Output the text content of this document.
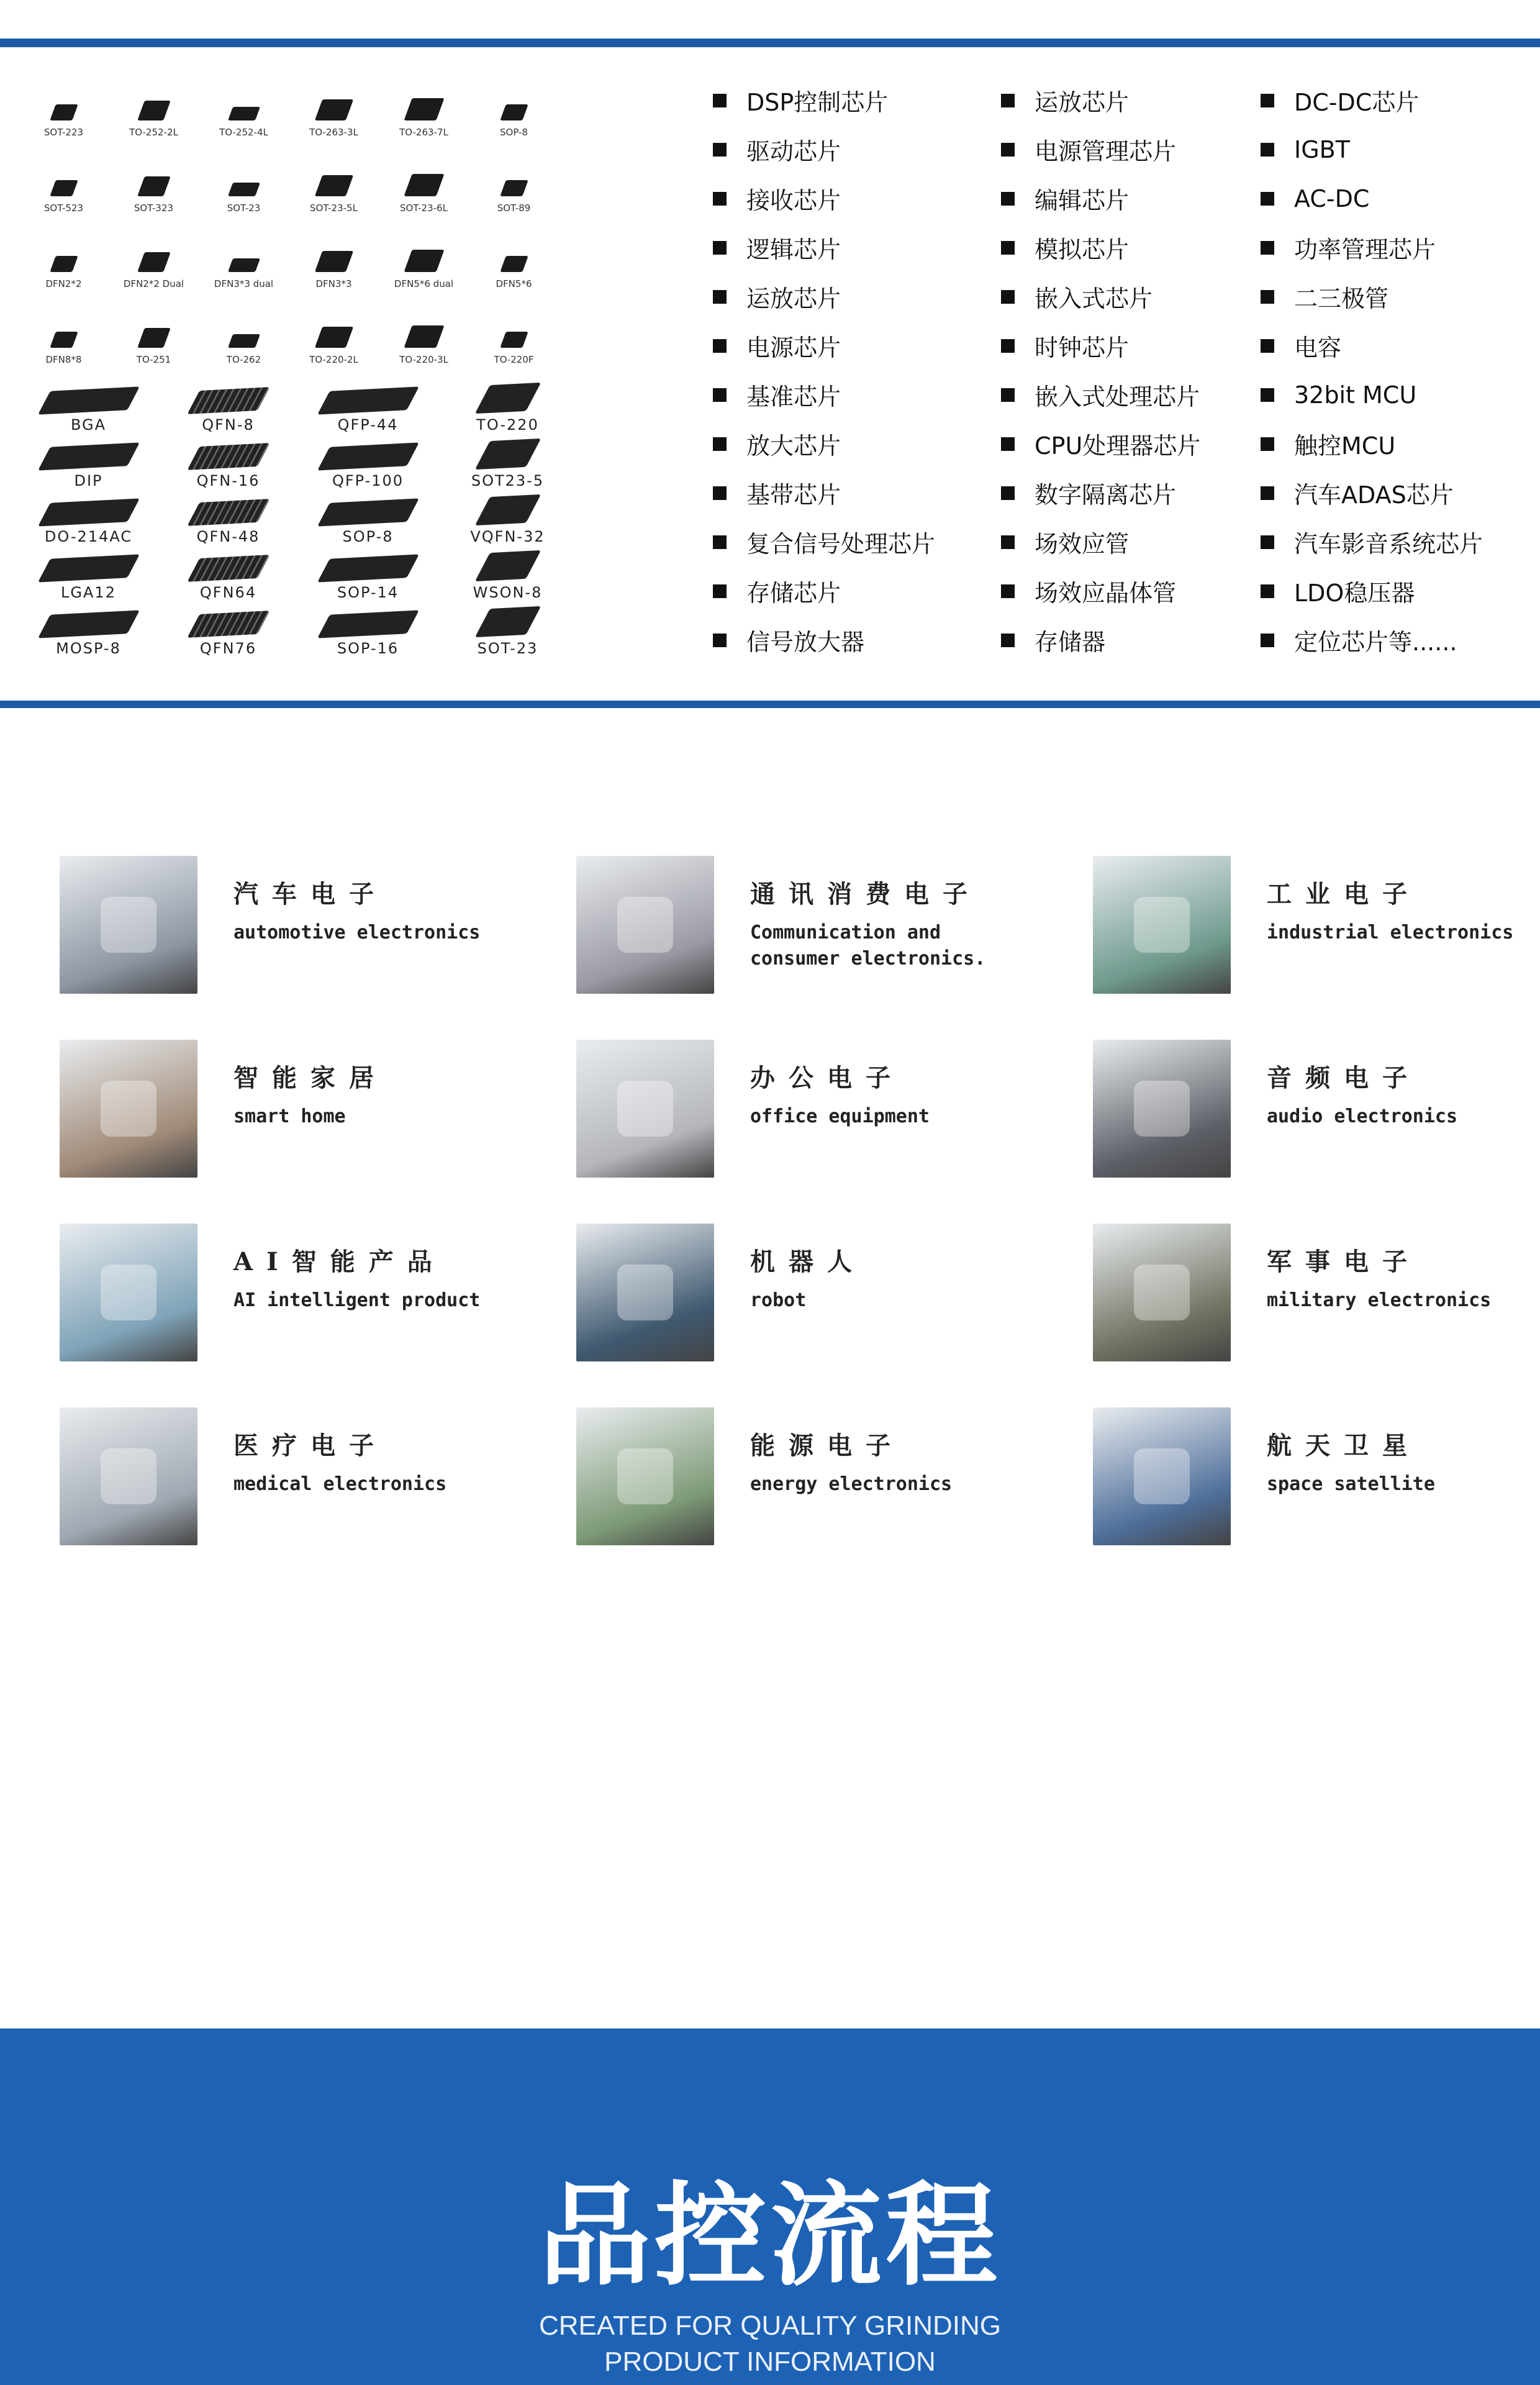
SOT-223	TO-252-2L	TO-252-4L	TO-263-3L	TO-263-7L	SOP-8
SOT-523	SOT-323	SOT-23	SOT-23-5L	SOT-23-6L	SOT-89
DFN2*2	DFN2*2 Dual	DFN3*3 dual	DFN3*3	DFN5*6 dual	DFN5*6
DFN8*8	TO-251	TO-262	TO-220-2L	TO-220-3L	TO-220F
BGA	QFN-8	QFP-44	TO-220
DIP	QFN-16	QFP-100	SOT23-5
DO-214AC	QFN-48	SOP-8	VQFN-32
LGA12	QFN64	SOP-14	WSON-8
MOSP-8	QFN76	SOP-16	SOT-23
DSP控制芯片
驱动芯片
接收芯片
逻辑芯片
运放芯片
电源芯片
基准芯片
放大芯片
基带芯片
复合信号处理芯片
存储芯片
信号放大器
运放芯片
电源管理芯片
编辑芯片
模拟芯片
嵌入式芯片
时钟芯片
嵌入式处理芯片
CPU处理器芯片
数字隔离芯片
场效应管
场效应晶体管
存储器
DC-DC芯片
IGBT
AC-DC
功率管理芯片
二三极管
电容
32bit MCU
触控MCU
汽车ADAS芯片
汽车影音系统芯片
LDO稳压器
定位芯片等......
汽车电子
automotive electronics
通讯消费电子
Communication and consumer electronics.
工业电子
industrial electronics
智能家居
smart home
办公电子
office equipment
音频电子
audio electronics
AI智能产品
AI intelligent product
机器人
robot
军事电子
military electronics
医疗电子
medical electronics
能源电子
energy electronics
航天卫星
space satellite
品控流程
CREATED FOR QUALITY GRINDING
PRODUCT INFORMATION
